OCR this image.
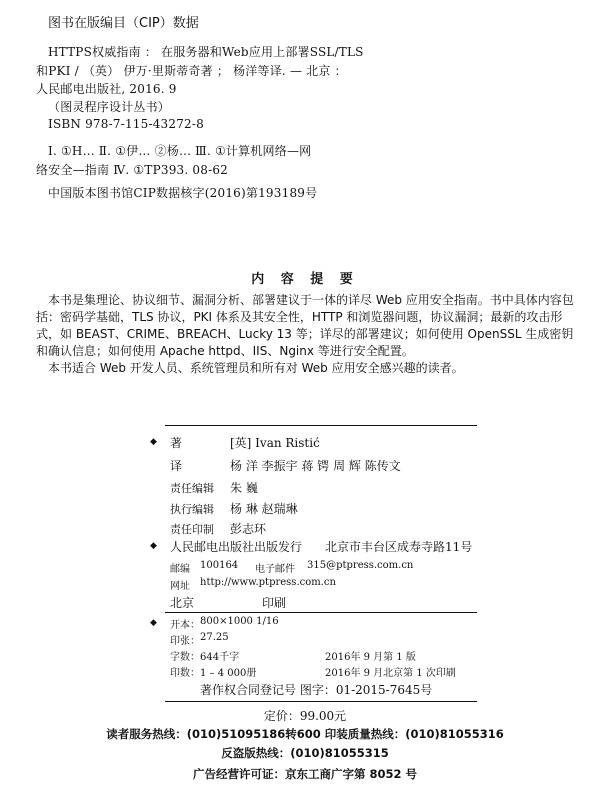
图书在版编目（CIP）数据
HTTPS权威指南 ： 在服务器和Web应用上部署SSL/TLS
和PKI / （英） 伊万·里斯蒂奇著 ； 杨洋等译. — 北京 ：
人民邮电出版社, 2016. 9
（图灵程序设计丛书）
ISBN 978-7-115-43272-8
Ⅰ. ①H… Ⅱ. ①伊… ②杨… Ⅲ. ①计算机网络—网
络安全—指南 Ⅳ. ①TP393. 08-62
中国版本图书馆CIP数据核字(2016)第193189号
内 容 提 要
本书是集理论、协议细节、漏洞分析、部署建议于一体的详尽 Web 应用安全指南。书中具体内容包括：密码学基础，TLS 协议，PKI 体系及其安全性，HTTP 和浏览器问题，协议漏洞；最新的攻击形式，如 BEAST、CRIME、BREACH、Lucky 13 等；详尽的部署建议；如何使用 OpenSSL 生成密钥和确认信息；如何使用 Apache httpd、IIS、Nginx 等进行安全配置。
本书适合 Web 开发人员、系统管理员和所有对 Web 应用安全感兴趣的读者。
◆ 著	[英] Ivan Ristić
译	杨 洋 李振宇 蒋 锷 周 辉 陈传文
责任编辑 朱 巍
执行编辑 杨 琳 赵瑞琳
责任印制 彭志环
◆ 人民邮电出版社出版发行 北京市丰台区成寿寺路11号
邮编 100164 电子邮件 315@ptpress.com.cn
网址 http://www.ptpress.com.cn
北京	印刷
◆ 开本： 800×1000 1/16
印张： 27.25
字数： 644千字	2016年 9 月第 1 版
印数： 1 – 4 000册	2016年 9 月北京第 1 次印刷
著作权合同登记号 图字：01-2015-7645号
定价：99.00元
读者服务热线：(010)51095186转600 印装质量热线：(010)81055316
反盗版热线：(010)81055315
广告经营许可证：京东工商广字第 8052 号
